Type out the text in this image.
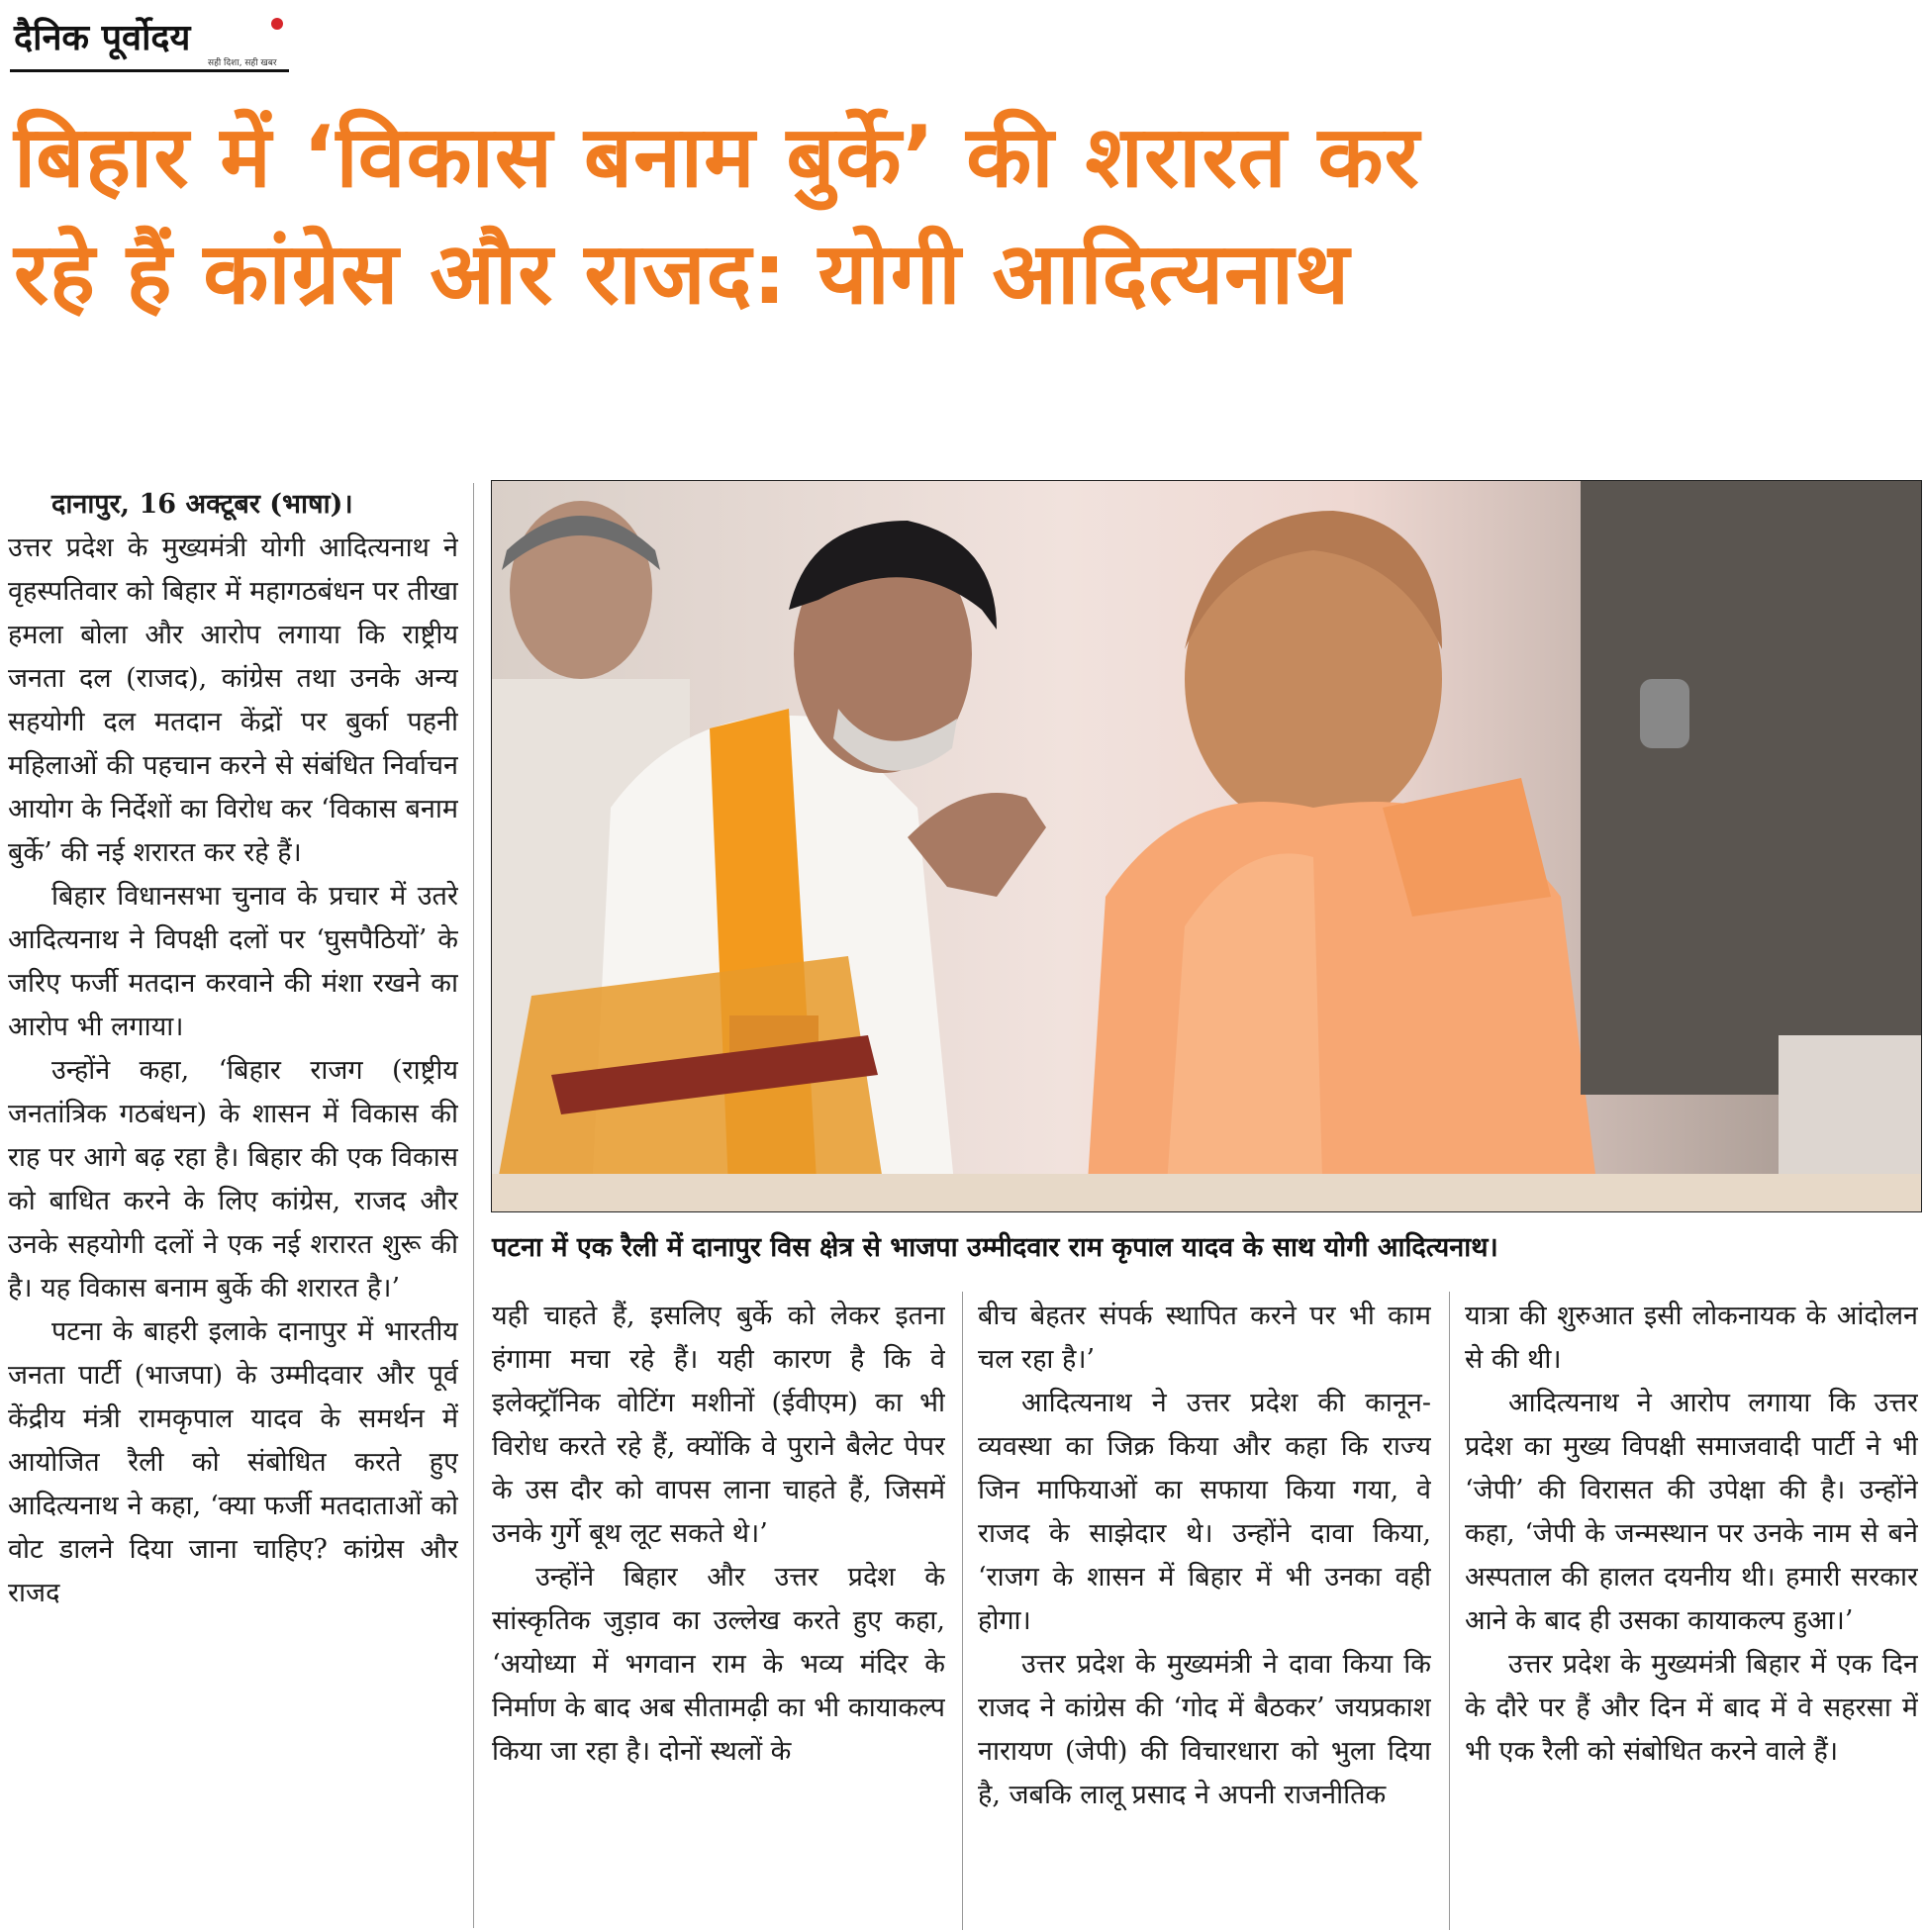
दैनिक पूर्वोदय
सही दिशा, सही खबर
बिहार में ‘विकास बनाम बुर्के’ की शरारत कर
रहे हैं कांग्रेस और राजद: योगी आदित्यनाथ

दानापुर, 16 अक्टूबर (भाषा)।

उत्तर प्रदेश के मुख्यमंत्री योगी आदित्यनाथ ने वृहस्पतिवार को बिहार में महागठबंधन पर तीखा हमला बोला और आरोप लगाया कि राष्ट्रीय जनता दल (राजद), कांग्रेस तथा उनके अन्य सहयोगी दल मतदान केंद्रों पर बुर्का पहनी महिलाओं की पहचान करने से संबंधित निर्वाचन आयोग के निर्देशों का विरोध कर ‘विकास बनाम बुर्के’ की नई शरारत कर रहे हैं।

बिहार विधानसभा चुनाव के प्रचार में उतरे आदित्यनाथ ने विपक्षी दलों पर ‘घुसपैठियों’ के जरिए फर्जी मतदान करवाने की मंशा रखने का आरोप भी लगाया।

उन्होंने कहा, ‘बिहार राजग (राष्ट्रीय जनतांत्रिक गठबंधन) के शासन में विकास की राह पर आगे बढ़ रहा है। बिहार की एक विकास को बाधित करने के लिए कांग्रेस, राजद और उनके सहयोगी दलों ने एक नई शरारत शुरू की है। यह विकास बनाम बुर्के की शरारत है।’

पटना के बाहरी इलाके दानापुर में भारतीय जनता पार्टी (भाजपा) के उम्मीदवार और पूर्व केंद्रीय मंत्री रामकृपाल यादव के समर्थन में आयोजित रैली को संबोधित करते हुए आदित्यनाथ ने कहा, ‘क्या फर्जी मतदाताओं को वोट डालने दिया जाना चाहिए? कांग्रेस और राजद

पटना में एक रैली में दानापुर विस क्षेत्र से भाजपा उम्मीदवार राम कृपाल यादव के साथ योगी आदित्यनाथ।

यही चाहते हैं, इसलिए बुर्के को लेकर इतना हंगामा मचा रहे हैं। यही कारण है कि वे इलेक्ट्रॉनिक वोटिंग मशीनों (ईवीएम) का भी विरोध करते रहे हैं, क्योंकि वे पुराने बैलेट पेपर के उस दौर को वापस लाना चाहते हैं, जिसमें उनके गुर्गे बूथ लूट सकते थे।’

उन्होंने बिहार और उत्तर प्रदेश के सांस्कृतिक जुड़ाव का उल्लेख करते हुए कहा, ‘अयोध्या में भगवान राम के भव्य मंदिर के निर्माण के बाद अब सीतामढ़ी का भी कायाकल्प किया जा रहा है। दोनों स्थलों के

बीच बेहतर संपर्क स्थापित करने पर भी काम चल रहा है।’

आदित्यनाथ ने उत्तर प्रदेश की कानून-व्यवस्था का जिक्र किया और कहा कि राज्य जिन माफियाओं का सफाया किया गया, वे राजद के साझेदार थे। उन्होंने दावा किया, ‘राजग के शासन में बिहार में भी उनका वही होगा।

उत्तर प्रदेश के मुख्यमंत्री ने दावा किया कि राजद ने कांग्रेस की ‘गोद में बैठकर’ जयप्रकाश नारायण (जेपी) की विचारधारा को भुला दिया है, जबकि लालू प्रसाद ने अपनी राजनीतिक

यात्रा की शुरुआत इसी लोकनायक के आंदोलन से की थी।

आदित्यनाथ ने आरोप लगाया कि उत्तर प्रदेश का मुख्य विपक्षी समाजवादी पार्टी ने भी ‘जेपी’ की विरासत की उपेक्षा की है। उन्होंने कहा, ‘जेपी के जन्मस्थान पर उनके नाम से बने अस्पताल की हालत दयनीय थी। हमारी सरकार आने के बाद ही उसका कायाकल्प हुआ।’

उत्तर प्रदेश के मुख्यमंत्री बिहार में एक दिन के दौरे पर हैं और दिन में बाद में वे सहरसा में भी एक रैली को संबोधित करने वाले हैं।
